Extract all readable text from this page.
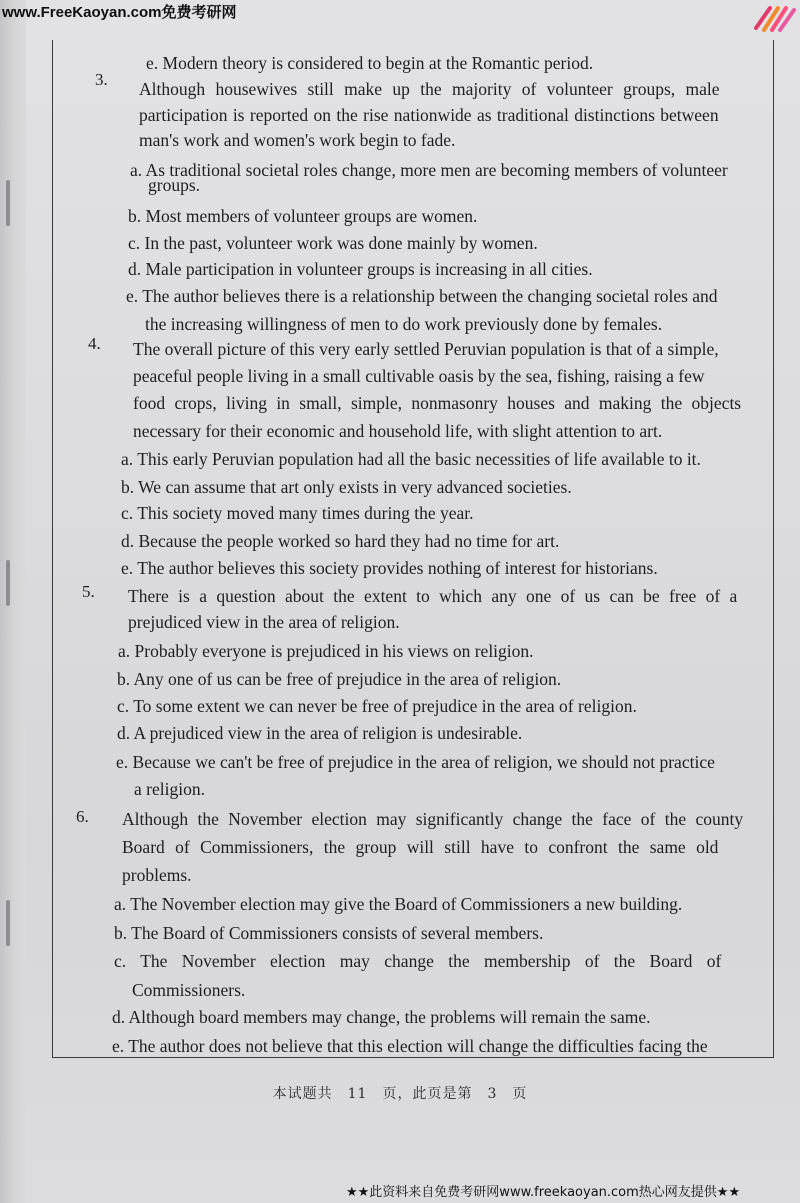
www.FreeKaoyan.com免费考研网
e. Modern theory is considered to begin at the Romantic period.
3. Although housewives still make up the majority of volunteer groups, male
participation is reported on the rise nationwide as traditional distinctions between
man's work and women's work begin to fade.
a. As traditional societal roles change, more men are becoming members of volunteer
groups.
b. Most members of volunteer groups are women.
c. In the past, volunteer work was done mainly by women.
d. Male participation in volunteer groups is increasing in all cities.
e. The author believes there is a relationship between the changing societal roles and
the increasing willingness of men to do work previously done by females.
4. The overall picture of this very early settled Peruvian population is that of a simple,
peaceful people living in a small cultivable oasis by the sea, fishing, raising a few
food crops, living in small, simple, nonmasonry houses and making the objects
necessary for their economic and household life, with slight attention to art.
a. This early Peruvian population had all the basic necessities of life available to it.
b. We can assume that art only exists in very advanced societies.
c. This society moved many times during the year.
d. Because the people worked so hard they had no time for art.
e. The author believes this society provides nothing of interest for historians.
5. There is a question about the extent to which any one of us can be free of a
prejudiced view in the area of religion.
a. Probably everyone is prejudiced in his views on religion.
b. Any one of us can be free of prejudice in the area of religion.
c. To some extent we can never be free of prejudice in the area of religion.
d. A prejudiced view in the area of religion is undesirable.
e. Because we can't be free of prejudice in the area of religion, we should not practice
a religion.
6. Although the November election may significantly change the face of the county
Board of Commissioners, the group will still have to confront the same old
problems.
a. The November election may give the Board of Commissioners a new building.
b. The Board of Commissioners consists of several members.
c. The November election may change the membership of the Board of
Commissioners.
d. Although board members may change, the problems will remain the same.
e. The author does not believe that this election will change the difficulties facing the
本试题共　11　页，此页是第　3　页
★★此资料来自免费考研网www.freekaoyan.com热心网友提供★★
